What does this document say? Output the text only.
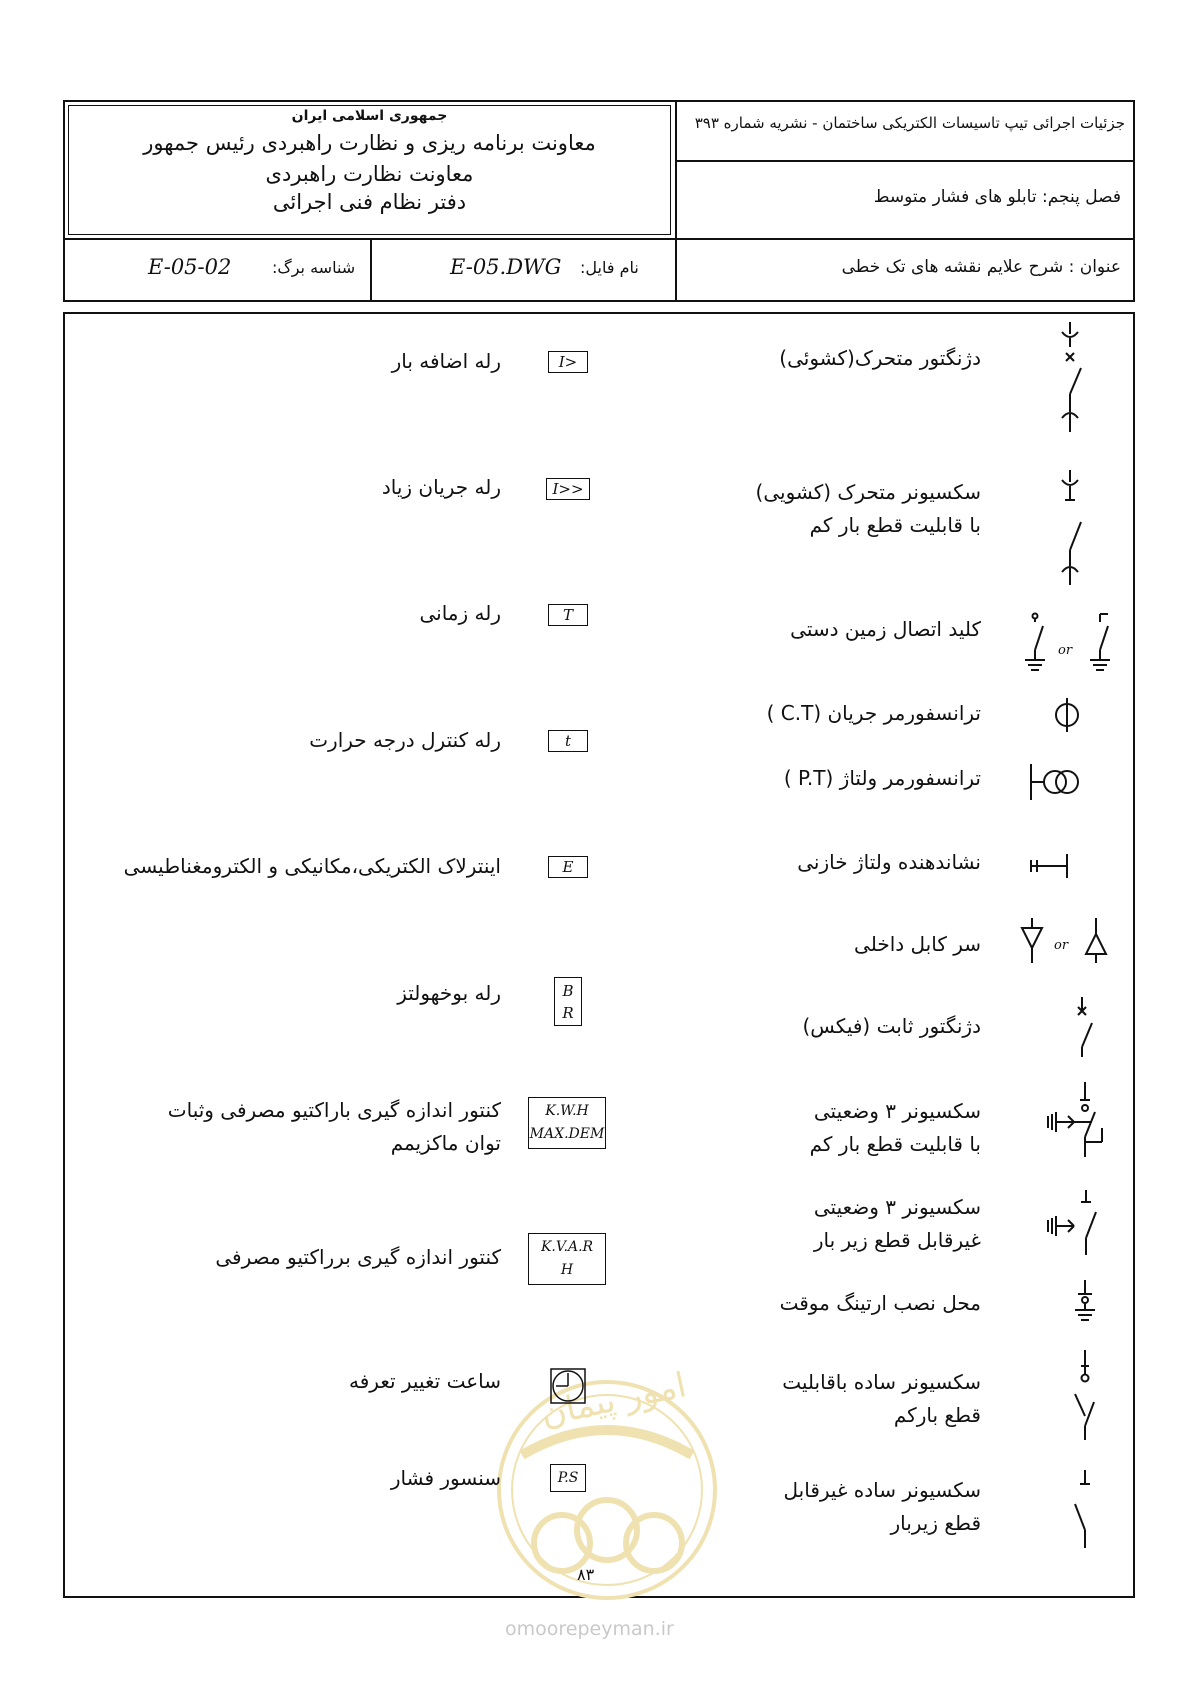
جمهوری اسلامی ایران
معاونت برنامه ریزی و نظارت راهبردی رئیس جمهور
معاونت نظارت راهبردی
دفتر نظام فنی اجرائی
جزئیات اجرائی تیپ تاسیسات الکتریکی ساختمان - نشریه شماره ۳۹۳
فصل پنجم: تابلو های فشار متوسط
عنوان : شرح علایم نقشه های تک خطی
نام فایل:
E-05.DWG
شناسه برگ:
E-05-02
امور پیمان
omoorepeyman.ir
۸۳
دژنگتور متحرک(کشوئی)
سکسیونر متحرک (کشویی)
با قابلیت قطع بار کم
کلید اتصال زمین دستی
ترانسفورمر جریان (C.T )
ترانسفورمر ولتاژ (P.T )
نشاندهنده ولتاژ خازنی
سر کابل داخلی
دژنگتور ثابت (فیکس)
سکسیونر ۳ وضعیتی
با قابلیت قطع بار کم
سکسیونر ۳ وضعیتی
غیرقابل قطع زیر بار
محل نصب ارتینگ موقت
سکسیونر ساده باقابلیت
قطع بارکم
سکسیونر ساده غیرقابل
قطع زیربار
or
or
رله اضافه بار
رله جریان زیاد
رله زمانی
رله کنترل درجه حرارت
اینترلاک الکتریکی،مکانیکی و الکترومغناطیسی
رله بوخهولتز
کنتور اندازه گیری باراکتیو مصرفی وثبات
توان ماکزیمم
کنتور اندازه گیری برراکتیو مصرفی
ساعت تغییر تعرفه
سنسور فشار
I>
I>>
T
t
E
B
R
K.W.H
MAX.DEM
K.V.A.R
H
P.S
